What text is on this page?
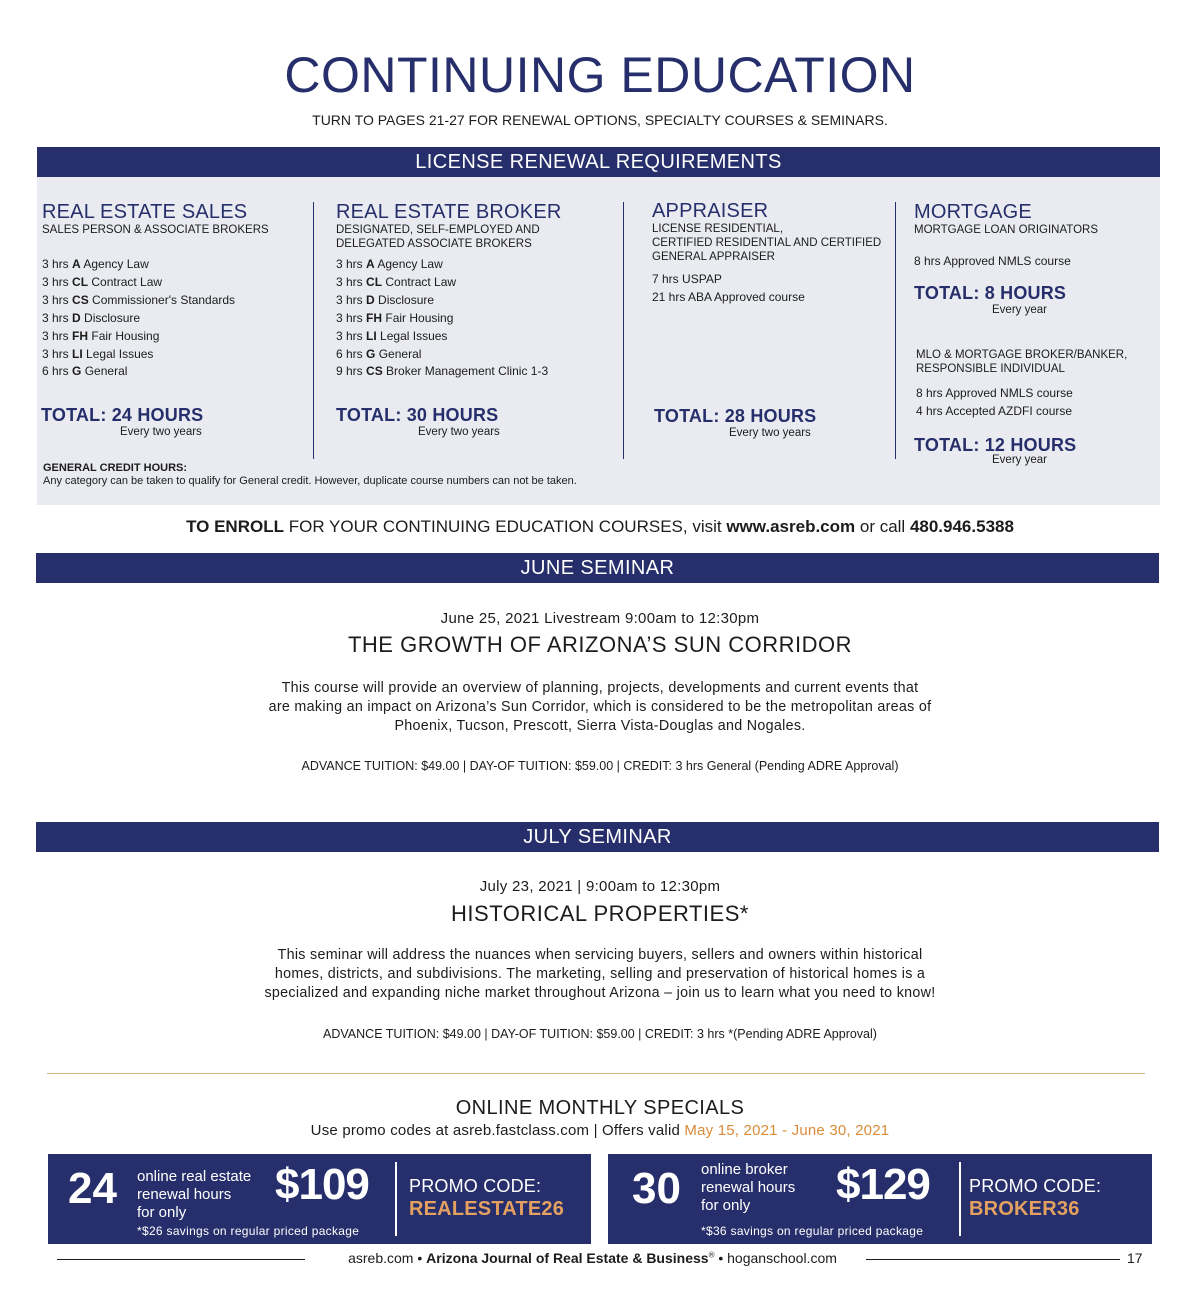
CONTINUING EDUCATION
TURN TO PAGES 21-27 FOR RENEWAL OPTIONS, SPECIALTY COURSES & SEMINARS.
LICENSE RENEWAL REQUIREMENTS
REAL ESTATE SALES
SALES PERSON & ASSOCIATE BROKERS
3 hrs A Agency Law
3 hrs CL Contract Law
3 hrs CS Commissioner's Standards
3 hrs D Disclosure
3 hrs FH Fair Housing
3 hrs LI Legal Issues
6 hrs G General
TOTAL: 24 HOURS
Every two years
REAL ESTATE BROKER
DESIGNATED, SELF-EMPLOYED AND
DELEGATED ASSOCIATE BROKERS
3 hrs A Agency Law
3 hrs CL Contract Law
3 hrs D Disclosure
3 hrs FH Fair Housing
3 hrs LI Legal Issues
6 hrs G General
9 hrs CS Broker Management Clinic 1-3
TOTAL: 30 HOURS
Every two years
APPRAISER
LICENSE RESIDENTIAL,
CERTIFIED RESIDENTIAL AND CERTIFIED
GENERAL APPRAISER
7 hrs USPAP
21 hrs ABA Approved course
TOTAL: 28 HOURS
Every two years
MORTGAGE
MORTGAGE LOAN ORIGINATORS
8 hrs Approved NMLS course
TOTAL: 8 HOURS
Every year
MLO & MORTGAGE BROKER/BANKER,
RESPONSIBLE INDIVIDUAL
8 hrs Approved NMLS course
4 hrs Accepted AZDFI course
TOTAL: 12 HOURS
Every year
GENERAL CREDIT HOURS:
Any category can be taken to qualify for General credit. However, duplicate course numbers can not be taken.
TO ENROLL FOR YOUR CONTINUING EDUCATION COURSES, visit www.asreb.com or call 480.946.5388
JUNE SEMINAR
June 25, 2021 Livestream 9:00am to 12:30pm
THE GROWTH OF ARIZONA’S SUN CORRIDOR
This course will provide an overview of planning, projects, developments and current events that
are making an impact on Arizona’s Sun Corridor, which is considered to be the metropolitan areas of
Phoenix, Tucson, Prescott, Sierra Vista-Douglas and Nogales.
ADVANCE TUITION: $49.00 | DAY-OF TUITION: $59.00 | CREDIT: 3 hrs General (Pending ADRE Approval)
JULY SEMINAR
July 23, 2021 | 9:00am to 12:30pm
HISTORICAL PROPERTIES*
This seminar will address the nuances when servicing buyers, sellers and owners within historical
homes, districts, and subdivisions. The marketing, selling and preservation of historical homes is a
specialized and expanding niche market throughout Arizona – join us to learn what you need to know!
ADVANCE TUITION: $49.00 | DAY-OF TUITION: $59.00 | CREDIT: 3 hrs *(Pending ADRE Approval)
ONLINE MONTHLY SPECIALS
Use promo codes at asreb.fastclass.com | Offers valid May 15, 2021 - June 30, 2021
24 online real estate
renewal hours
for only
$109
*$26 savings on regular priced package
PROMO CODE:
REALESTATE26 30 online broker
renewal hours
for only	$129
*$36 savings on regular priced package
PROMO CODE:
BROKER36
asreb.com • Arizona Journal of Real Estate & Business® • hoganschool.com	17
